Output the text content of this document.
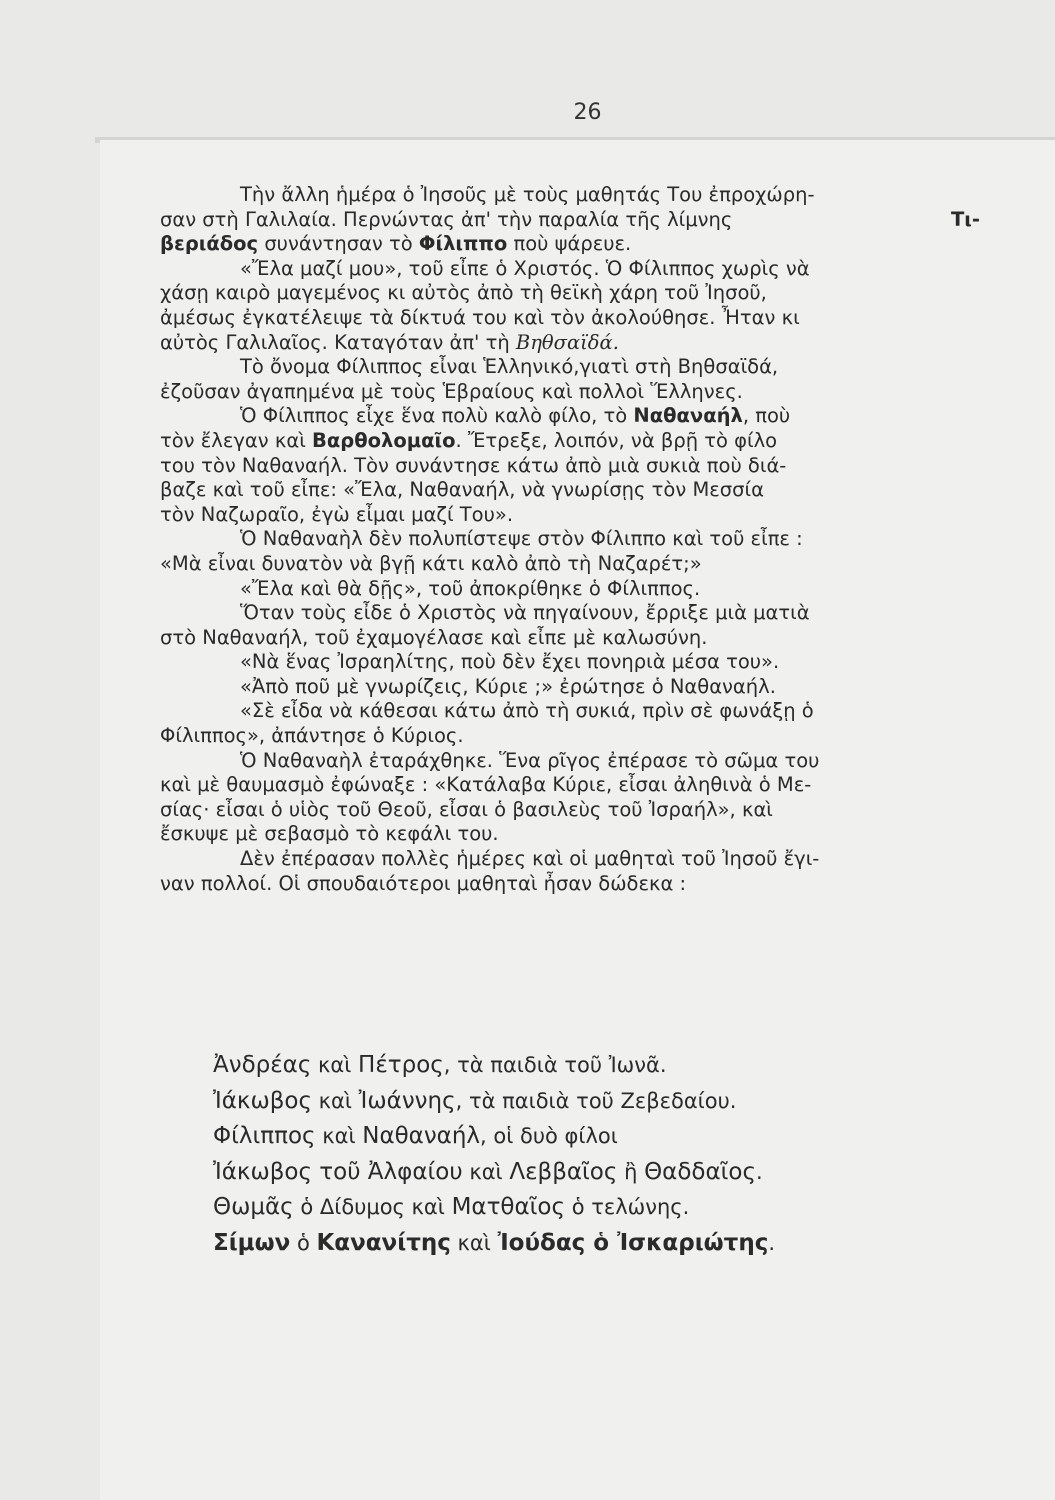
26
Τὴν ἄλλη ἡμέρα ὁ Ἰησοῦς μὲ τοὺς μαθητάς Του ἐπροχώρη-
σαν στὴ Γαλιλαία. Περνώντας ἀπ' τὴν παραλία τῆς λίμνης	Τι-
βεριάδος συνάντησαν τὸ Φίλιππο ποὺ ψάρευε.
«Ἔλα μαζί μου», τοῦ εἶπε ὁ Χριστός. Ὁ Φίλιππος χωρὶς νὰ
χάσῃ καιρὸ μαγεμένος κι αὐτὸς ἀπὸ τὴ θεϊκὴ χάρη τοῦ Ἰησοῦ,
ἀμέσως ἐγκατέλειψε τὰ δίκτυά του καὶ τὸν ἀκολούθησε. Ἦταν κι
αὐτὸς Γαλιλαῖος. Καταγόταν ἀπ' τὴ Βηθσαϊδά.
Τὸ ὄνομα Φίλιππος εἶναι Ἑλληνικό,γιατὶ στὴ Βηθσαϊδά,
ἐζοῦσαν ἀγαπημένα μὲ τοὺς Ἑβραίους καὶ πολλοὶ Ἕλληνες.
Ὁ Φίλιππος εἶχε ἕνα πολὺ καλὸ φίλο, τὸ Ναθαναήλ , ποὺ
τὸν ἔλεγαν καὶ Βαρθολομαῖο . Ἔτρεξε, λοιπόν, νὰ βρῇ τὸ φίλο
του τὸν Ναθαναήλ. Τὸν συνάντησε κάτω ἀπὸ μιὰ συκιὰ ποὺ διά-
βαζε καὶ τοῦ εἶπε: «Ἔλα, Ναθαναήλ, νὰ γνωρίσῃς τὸν Μεσσία
τὸν Ναζωραῖο, ἐγὼ εἶμαι μαζί Του».
Ὁ Ναθαναὴλ δὲν πολυπίστεψε στὸν Φίλιππο καὶ τοῦ εἶπε :
«Μὰ εἶναι δυνατὸν νὰ βγῇ κάτι καλὸ ἀπὸ τὴ Ναζαρέτ;»
«Ἔλα καὶ θὰ δῇς», τοῦ ἀποκρίθηκε ὁ Φίλιππος.
Ὅταν τοὺς εἶδε ὁ Χριστὸς νὰ πηγαίνουν, ἔρριξε μιὰ ματιὰ
στὸ Ναθαναήλ, τοῦ ἐχαμογέλασε καὶ εἶπε μὲ καλωσύνη.
«Νὰ ἕνας Ἰσραηλίτης, ποὺ δὲν ἔχει πονηριὰ μέσα του».
«Ἀπὸ ποῦ μὲ γνωρίζεις, Κύριε ;» ἐρώτησε ὁ Ναθαναήλ.
«Σὲ εἶδα νὰ κάθεσαι κάτω ἀπὸ τὴ συκιά, πρὶν σὲ φωνάξῃ ὁ
Φίλιππος», ἀπάντησε ὁ Κύριος.
Ὁ Ναθαναὴλ ἐταράχθηκε. Ἕνα ρῖγος ἐπέρασε τὸ σῶμα του
καὶ μὲ θαυμασμὸ ἐφώναξε : «Κατάλαβα Κύριε, εἶσαι ἀληθινὰ ὁ Με-
σίας· εἶσαι ὁ υἱὸς τοῦ Θεοῦ, εἶσαι ὁ βασιλεὺς τοῦ Ἰσραήλ», καὶ
ἔσκυψε μὲ σεβασμὸ τὸ κεφάλι του.
Δὲν ἐπέρασαν πολλὲς ἡμέρες καὶ οἱ μαθηταὶ τοῦ Ἰησοῦ ἔγι-
ναν πολλοί. Οἱ σπουδαιότεροι μαθηταὶ ἦσαν δώδεκα :
Ἀνδρέας καὶ Πέτρος, τὰ παιδιὰ τοῦ Ἰωνᾶ.
Ἰάκωβος καὶ Ἰωάννης, τὰ παιδιὰ τοῦ Ζεβεδαίου.
Φίλιππος καὶ Ναθαναήλ, οἱ δυὸ φίλοι
Ἰάκωβος τοῦ Ἀλφαίου καὶ Λεββαῖος ἢ Θαδδαῖος.
Θωμᾶς ὁ Δίδυμος καὶ Ματθαῖος ὁ τελώνης.
Σίμων ὁ Κανανίτης καὶ Ἰούδας ὁ Ἰσκαριώτης.
